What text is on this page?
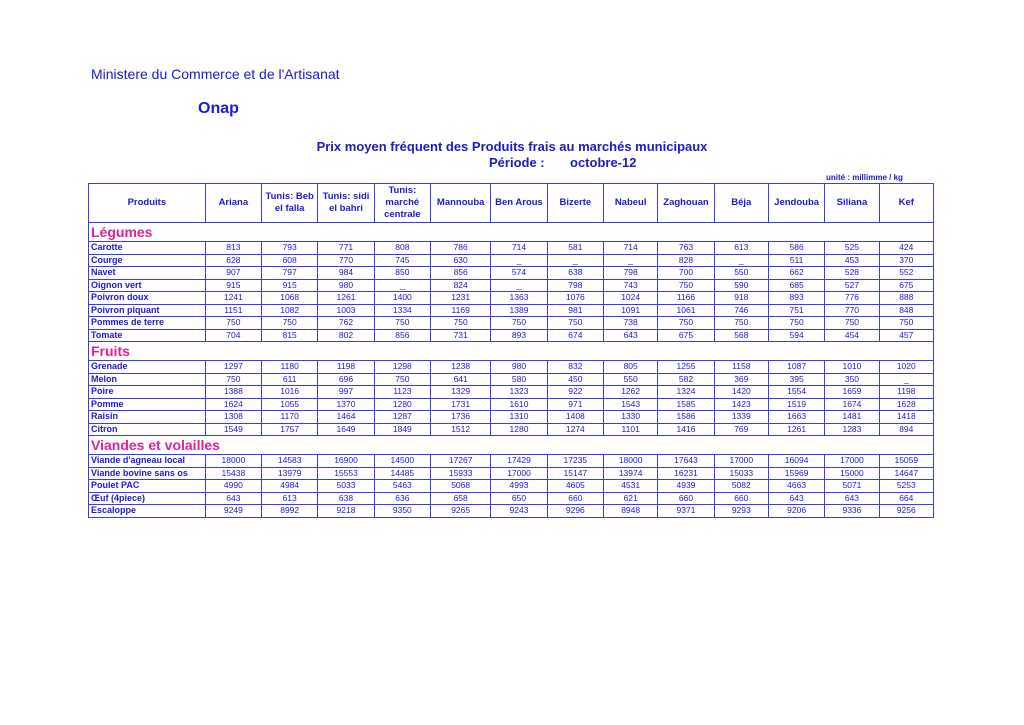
Ministere du Commerce et de l'Artisanat
Onap
Prix moyen fréquent des Produits frais au marchés municipaux
Période : octobre-12
unité : millimme / kg
Produits	Ariana	Tunis: Beb el falla	Tunis: sidi el bahri	Tunis: marché centrale	Mannouba	Ben Arous	Bizerte	Nabeul	Zaghouan	Béja	Jendouba	Siliana	Kef
Légumes													
Carotte	813	793	771	808	786	714	581	714	763	613	586	525	424
Courge	628	608	770	745	630	_	_	_	828	_	511	453	370
Navet	907	797	984	850	856	574	638	798	700	550	662	528	552
Oignon vert	915	915	980	_	824	_	798	743	750	590	685	527	675
Poivron doux	1241	1068	1261	1400	1231	1363	1076	1024	1166	918	893	776	888
Poivron piquant	1151	1082	1003	1334	1169	1389	981	1091	1061	746	751	770	848
Pommes de terre	750	750	762	750	750	750	750	738	750	750	750	750	750
Tomate	704	815	802	856	731	893	674	643	675	568	594	454	457
Fruits													
Grenade	1297	1180	1198	1298	1238	980	832	805	1255	1158	1087	1010	1020
Melon	750	611	696	750	641	580	450	550	582	369	395	350	_
Poire	1388	1016	997	1123	1329	1323	922	1262	1324	1420	1554	1659	1198
Pomme	1624	1055	1370	1280	1731	1610	971	1543	1585	1423	1519	1674	1628
Raisin	1308	1170	1464	1287	1736	1310	1408	1330	1586	1339	1663	1481	1418
Citron	1549	1757	1649	1849	1512	1280	1274	1101	1416	769	1261	1283	894
Viandes et volailles													
Viande d'agneau local	18000	14583	16900	14500	17267	17429	17235	18000	17643	17000	16094	17000	15059
Viande bovine sans os	15438	13979	15553	14485	15933	17000	15147	13974	16231	15033	15969	15000	14647
Poulet PAC	4990	4984	5033	5463	5068	4993	4605	4531	4939	5082	4663	5071	5253
Œuf (4piece)	643	613	638	636	658	650	660	621	660	660	643	643	664
Escaloppe	9249	8992	9218	9350	9265	9243	9296	8948	9371	9293	9206	9336	9256
